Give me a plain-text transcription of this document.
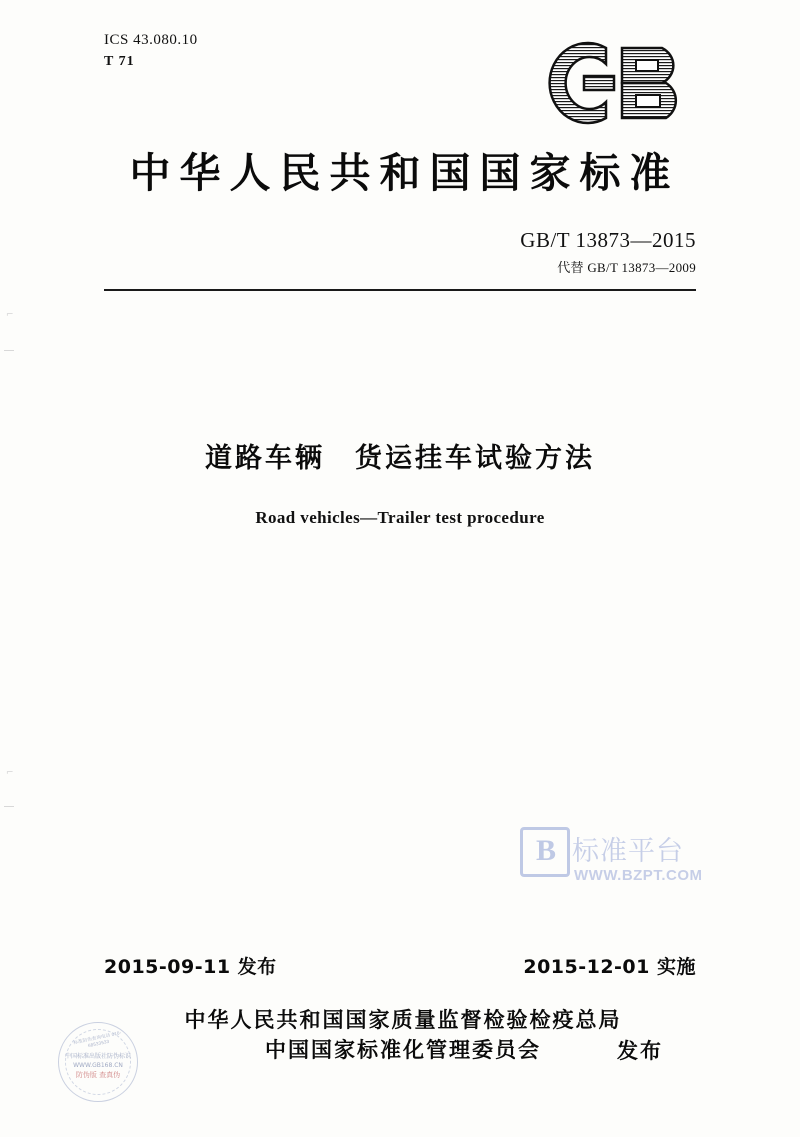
⌐
⌐
ICS 43.080.10
T 71
中华人民共和国国家标准
GB/T 13873—2015
代替 GB/T 13873—2009
道路车辆　货运挂车试验方法
Road vehicles—Trailer test procedure
B 标准平台
WWW.BZPT.COM
2015-09-11 发布	2015-12-01 实施
中华人民共和国国家质量监督检验检疫总局
中国国家标准化管理委员会	发布
标准防伪查询电话 010-68533533
中国标准出版社防伪标识
WWW.GB168.CN
防伪版 查真伪
